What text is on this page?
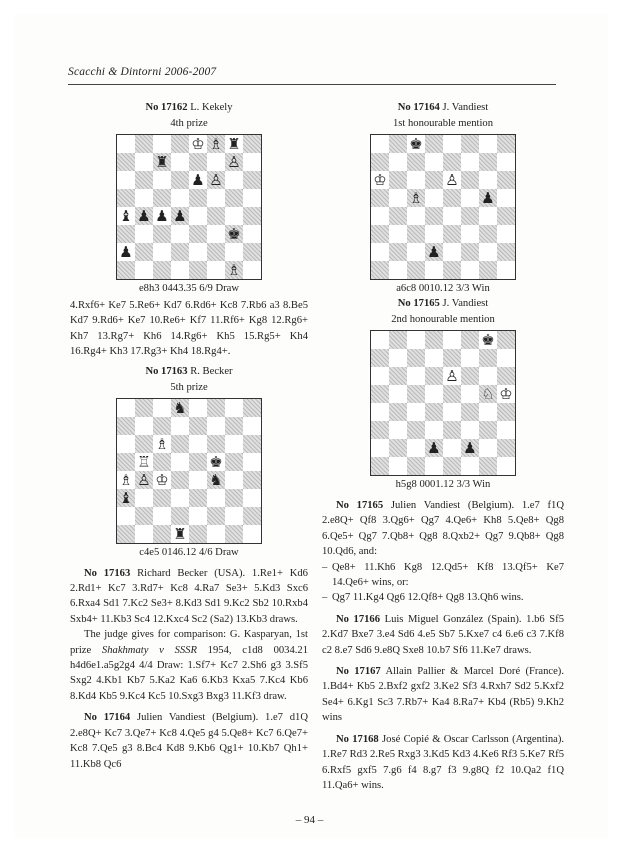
Scacchi & Dintorni 2006-2007
No 17162 L. Kekely
4th prize
♔ ♗ ♜
♜	♙
♟ ♙
♝ ♟ ♟ ♟
♚
♟
♗
e8h3 0443.35 6/9 Draw

4.Rxf6+ Ke7 5.Re6+ Kd7 6.Rd6+ Kc8 7.Rb6 a3 8.Be5 Kd7 9.Rd6+ Ke7 10.Re6+ Kf7 11.Rf6+ Kg8 12.Rg6+ Kh7 13.Rg7+ Kh6 14.Rg6+ Kh5 15.Rg5+ Kh4 16.Rg4+ Kh3 17.Rg3+ Kh4 18.Rg4+.

No 17163 R. Becker
5th prize
♞
♗
♖	♚
♗ ♙ ♔	♞
♝
♜
c4e5 0146.12 4/6 Draw

No 17163 Richard Becker (USA). 1.Re1+ Kd6 2.Rd1+ Kc7 3.Rd7+ Kc8 4.Ra7 Se3+ 5.Kd3 Sxc6 6.Rxa4 Sd1 7.Kc2 Se3+ 8.Kd3 Sd1 9.Kc2 Sb2 10.Rxb4 Sxb4+ 11.Kb3 Sc4 12.Kxc4 Sc2 (Sa2) 13.Kb3 draws.

The judge gives for comparison: G. Kasparyan, 1st prize Shakhmaty v SSSR 1954, c1d8 0034.21 h4d6e1.a5g2g4 4/4 Draw: 1.Sf7+ Kc7 2.Sh6 g3 3.Sf5 Sxg2 4.Kb1 Kb7 5.Ka2 Ka6 6.Kb3 Kxa5 7.Kc4 Kb6 8.Kd4 Kb5 9.Kc4 Kc5 10.Sxg3 Bxg3 11.Kf3 draw.

No 17164 Julien Vandiest (Belgium). 1.e7 d1Q 2.e8Q+ Kc7 3.Qe7+ Kc8 4.Qe5 g4 5.Qe8+ Kc7 6.Qe7+ Kc8 7.Qe5 g3 8.Bc4 Kd8 9.Kb6 Qg1+ 10.Kb7 Qh1+ 11.Kb8 Qc6

No 17164 J. Vandiest
1st honourable mention
♚
♔	♙
♗	♟
♟
a6c8 0010.12 3/3 Win
No 17165 J. Vandiest
2nd honourable mention
♚
♙
♘ ♔
♟ ♟
h5g8 0001.12 3/3 Win

No 17165 Julien Vandiest (Belgium). 1.e7 f1Q 2.e8Q+ Qf8 3.Qg6+ Qg7 4.Qe6+ Kh8 5.Qe8+ Qg8 6.Qe5+ Qg7 7.Qb8+ Qg8 8.Qxb2+ Qg7 9.Qb8+ Qg8 10.Qd6, and:

– Qe8+ 11.Kh6 Kg8 12.Qd5+ Kf8 13.Qf5+ Ke7 14.Qe6+ wins, or:

– Qg7 11.Kg4 Qg6 12.Qf8+ Qg8 13.Qh6 wins.

No 17166 Luis Miguel González (Spain). 1.b6 Sf5 2.Kd7 Bxe7 3.e4 Sd6 4.e5 Sb7 5.Kxe7 c4 6.e6 c3 7.Kf8 c2 8.e7 Sd6 9.e8Q Sxe8 10.b7 Sf6 11.Ke7 draws.

No 17167 Allain Pallier & Marcel Doré (France). 1.Bd4+ Kb5 2.Bxf2 gxf2 3.Ke2 Sf3 4.Rxh7 Sd2 5.Kxf2 Se4+ 6.Kg1 Sc3 7.Rb7+ Ka4 8.Ra7+ Kb4 (Rb5) 9.Kh2 wins

No 17168 José Copié & Oscar Carlsson (Argentina). 1.Re7 Rd3 2.Re5 Rxg3 3.Kd5 Kd3 4.Ke6 Rf3 5.Ke7 Rf5 6.Rxf5 gxf5 7.g6 f4 8.g7 f3 9.g8Q f2 10.Qa2 f1Q 11.Qa6+ wins.

– 94 –
